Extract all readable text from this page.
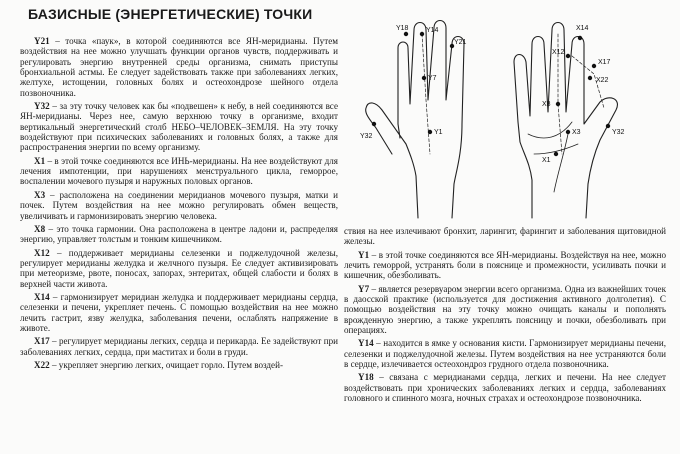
БАЗИСНЫЕ (ЭНЕРГЕТИЧЕСКИЕ) ТОЧКИ

Y21 – точка «паук», в которой соединяются все ЯН-меридианы. Путем воздействия на нее можно улучшать функции органов чувств, поддерживать и регулировать энергию внутренней среды организма, снимать приступы бронхиальной астмы. Ее следует задействовать также при заболеваниях легких, желтухе, истощении, головных болях и остеохондрозе шейного отдела позвоночника.

Y32 – за эту точку человек как бы «подвешен» к небу, в ней соединяются все ЯН-меридианы. Через нее, самую верхнюю точку в организме, входит вертикальный энергетический столб НЕБО–ЧЕЛОВЕК–ЗЕМЛЯ. На эту точку воздействуют при психических заболеваниях и головных болях, а также для распространения энергии по всему организму.

X1 – в этой точке соединяются все ИНЬ-меридианы. На нее воздействуют для лечения импотенции, при нарушениях менструального цикла, геморрое, воспалении мочевого пузыря и наружных половых органов.

X3 – расположена на соединении меридианов мочевого пузыря, матки и почек. Путем воздействия на нее можно регулировать обмен веществ, увеличивать и гармонизировать энергию человека.

X8 – это точка гармонии. Она расположена в центре ладони и, распределяя энергию, управляет толстым и тонким кишечником.

X12 – поддерживает меридианы селезенки и поджелудочной железы, регулирует меридианы желудка и желчного пузыря. Ее следует активизировать при метеоризме, рвоте, поносах, запорах, энтеритах, общей слабости и болях в верхней части живота.

X14 – гармонизирует меридиан желудка и поддерживает меридианы сердца, селезенки и печени, укрепляет печень. С помощью воздействия на нее можно лечить гастрит, язву желудка, заболевания печени, ослаблять напряжение в животе.

X17 – регулирует меридианы легких, сердца и перикарда. Ее задействуют при заболеваниях легких, сердца, при маститах и боли в груди.

X22 – укрепляет энергию легких, очищает горло. Путем воздей-

Y18	Y14
Y21
Y7
Y1
Y32
X14
X12
X17
X22
X8
X3
X1
Y32

ствия на нее излечивают бронхит, ларингит, фарингит и заболевания щитовидной железы.

Y1 – в этой точке соединяются все ЯН-меридианы. Воздействуя на нее, можно лечить геморрой, устранять боли в пояснице и промежности, усиливать почки и кишечник, обезболивать.

Y7 – является резервуаром энергии всего организма. Одна из важнейших точек в даосской практике (используется для достижения активного долголетия). С помощью воздействия на эту точку можно очищать каналы и пополнять врожденную энергию, а также укреплять поясницу и почки, обезболивать при операциях.

Y14 – находится в ямке у основания кисти. Гармонизирует меридианы печени, селезенки и поджелудочной железы. Путем воздействия на нее устраняются боли в сердце, излечивается остеохондроз грудного отдела позвоночника.

Y18 – связана с меридианами сердца, легких и печени. На нее следует воздействовать при хронических заболеваниях легких и сердца, заболеваниях головного и спинного мозга, ночных страхах и остеохондрозе позвоночника.
